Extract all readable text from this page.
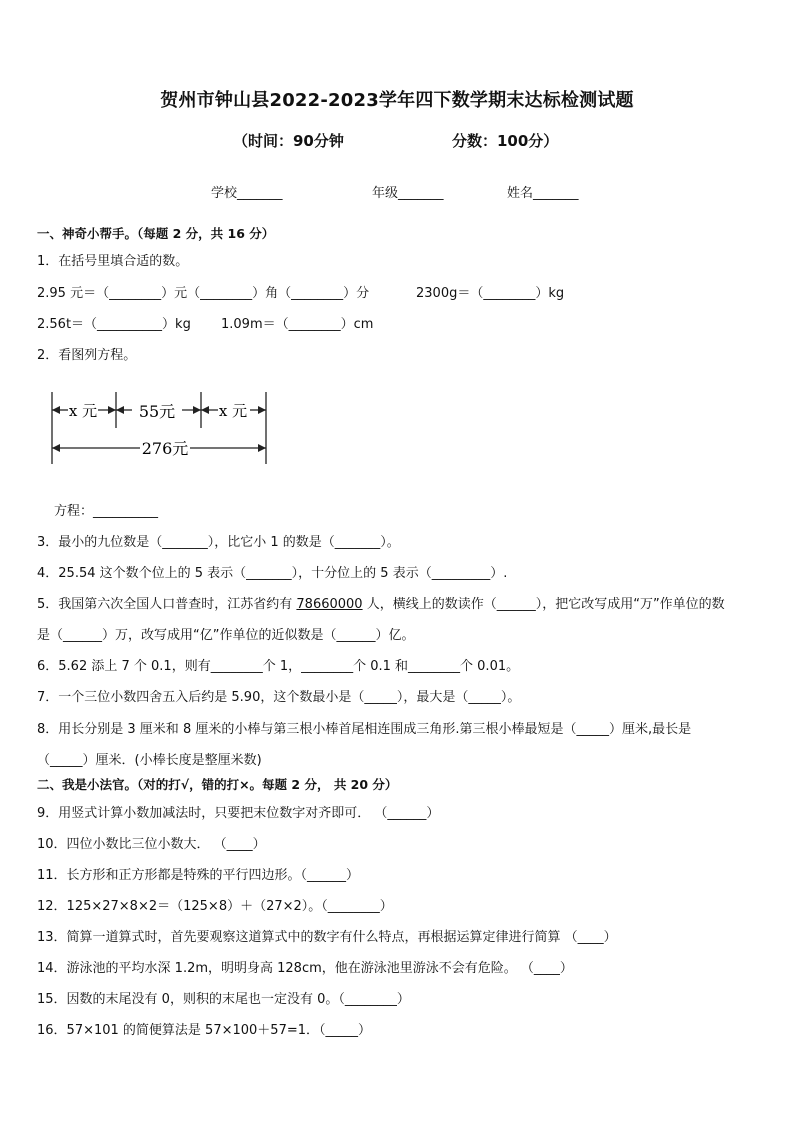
贺州市钟山县2022-2023学年四下数学期末达标检测试题
（时间：90分钟	分数：100分）
学校_______	年级_______	姓名_______
一、神奇小帮手。（每题 2 分，共 16 分）
1．在括号里填合适的数。
2.95 元＝（________）元（________）角（________）分	2300g＝（________）kg
2.56t＝（__________）kg 1.09m＝（________）cm
2．看图列方程。
x 元	55元	x 元
276元
方程：__________
3．最小的九位数是（_______），比它小 1 的数是（_______）。
4．25.54 这个数个位上的 5 表示（_______），十分位上的 5 表示（_________）.
5．我国第六次全国人口普查时，江苏省约有 78660000 人，横线上的数读作（______），把它改写成用“万”作单位的数
是（______）万，改写成用“亿”作单位的近似数是（______）亿。
6．5.62 添上 7 个 0.1，则有________个 1，________个 0.1 和________个 0.01。
7．一个三位小数四舍五入后约是 5.90，这个数最小是（_____），最大是（_____）。
8．用长分别是 3 厘米和 8 厘米的小棒与第三根小棒首尾相连围成三角形.第三根小棒最短是（_____）厘米,最长是
（_____）厘米．(小棒长度是整厘米数)
二、我是小法官。（对的打√，错的打×。每题 2 分， 共 20 分）
9．用竖式计算小数加减法时，只要把末位数字对齐即可． （______）
10．四位小数比三位小数大． （____）
11．长方形和正方形都是特殊的平行四边形。（______）
12．125×27×8×2＝（125×8）＋（27×2）。（________）
13．简算一道算式时，首先要观察这道算式中的数字有什么特点，再根据运算定律进行简算 （____）
14．游泳池的平均水深 1.2m，明明身高 128cm，他在游泳池里游泳不会有危险。 （____）
15．因数的末尾没有 0，则积的末尾也一定没有 0。（________）
16．57×101 的简便算法是 57×100＋57=1．（_____）
